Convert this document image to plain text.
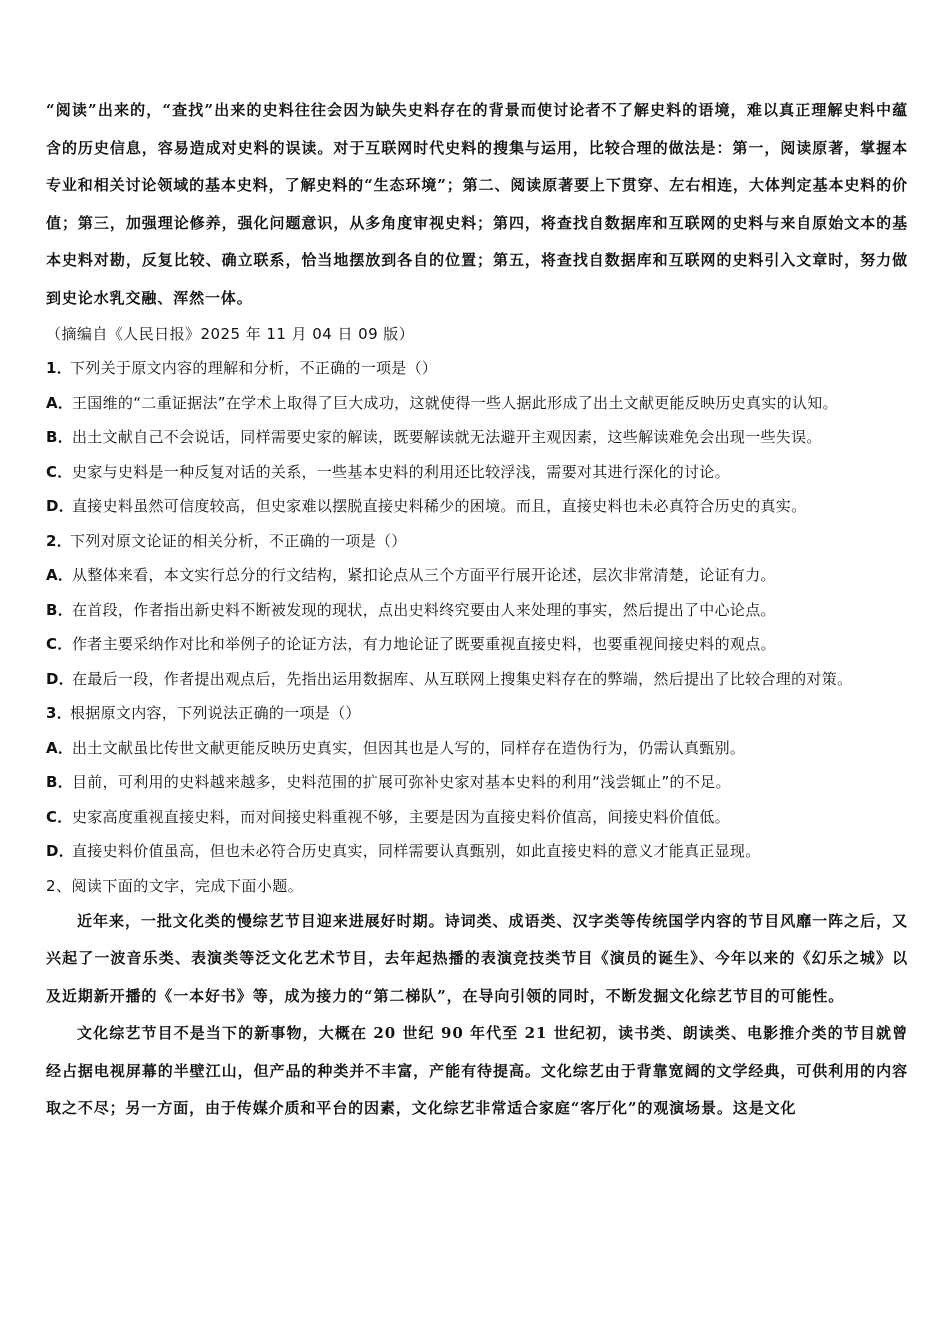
“阅读”出来的，“查找”出来的史料往往会因为缺失史料存在的背景而使讨论者不了解史料的语境，难以真正理解史料中蕴含的历史信息，容易造成对史料的误读。对于互联网时代史料的搜集与运用，比较合理的做法是：第一，阅读原著，掌握本专业和相关讨论领域的基本史料，了解史料的“生态环境”；第二、阅读原著要上下贯穿、左右相连，大体判定基本史料的价值；第三，加强理论修养，强化问题意识，从多角度审视史料；第四，将查找自数据库和互联网的史料与来自原始文本的基本史料对勘，反复比较、确立联系，恰当地摆放到各自的位置；第五，将查找自数据库和互联网的史料引入文章时，努力做到史论水乳交融、浑然一体。

（摘编自《人民日报》2025 年 11 月 04 日 09 版）

1．下列关于原文内容的理解和分析，不正确的一项是（）

A．王国维的“二重证据法”在学术上取得了巨大成功，这就使得一些人据此形成了出土文献更能反映历史真实的认知。

B．出土文献自己不会说话，同样需要史家的解读，既要解读就无法避开主观因素，这些解读难免会出现一些失误。

C．史家与史料是一种反复对话的关系，一些基本史料的利用还比较浮浅，需要对其进行深化的讨论。

D．直接史料虽然可信度较高，但史家难以摆脱直接史料稀少的困境。而且，直接史料也未必真符合历史的真实。

2．下列对原文论证的相关分析，不正确的一项是（）

A．从整体来看，本文实行总分的行文结构，紧扣论点从三个方面平行展开论述，层次非常清楚，论证有力。

B．在首段，作者指出新史料不断被发现的现状，点出史料终究要由人来处理的事实，然后提出了中心论点。

C．作者主要采纳作对比和举例子的论证方法，有力地论证了既要重视直接史料，也要重视间接史料的观点。

D．在最后一段，作者提出观点后，先指出运用数据库、从互联网上搜集史料存在的弊端，然后提出了比较合理的对策。

3．根据原文内容，下列说法正确的一项是（）

A．出土文献虽比传世文献更能反映历史真实，但因其也是人写的，同样存在造伪行为，仍需认真甄别。

B．目前，可利用的史料越来越多，史料范围的扩展可弥补史家对基本史料的利用“浅尝辄止”的不足。

C．史家高度重视直接史料，而对间接史料重视不够，主要是因为直接史料价值高，间接史料价值低。

D．直接史料价值虽高，但也未必符合历史真实，同样需要认真甄别，如此直接史料的意义才能真正显现。

2、阅读下面的文字，完成下面小题。

近年来，一批文化类的慢综艺节目迎来进展好时期。诗词类、成语类、汉字类等传统国学内容的节目风靡一阵之后，又兴起了一波音乐类、表演类等泛文化艺术节目，去年起热播的表演竞技类节目《演员的诞生》、今年以来的《幻乐之城》以及近期新开播的《一本好书》等，成为接力的“第二梯队”，在导向引领的同时，不断发掘文化综艺节目的可能性。

文化综艺节目不是当下的新事物，大概在 20 世纪 90 年代至 21 世纪初，读书类、朗读类、电影推介类的节目就曾经占据电视屏幕的半壁江山，但产品的种类并不丰富，产能有待提高。文化综艺由于背靠宽阔的文学经典，可供利用的内容取之不尽；另一方面，由于传媒介质和平台的因素，文化综艺非常适合家庭“客厅化”的观演场景。这是文化
